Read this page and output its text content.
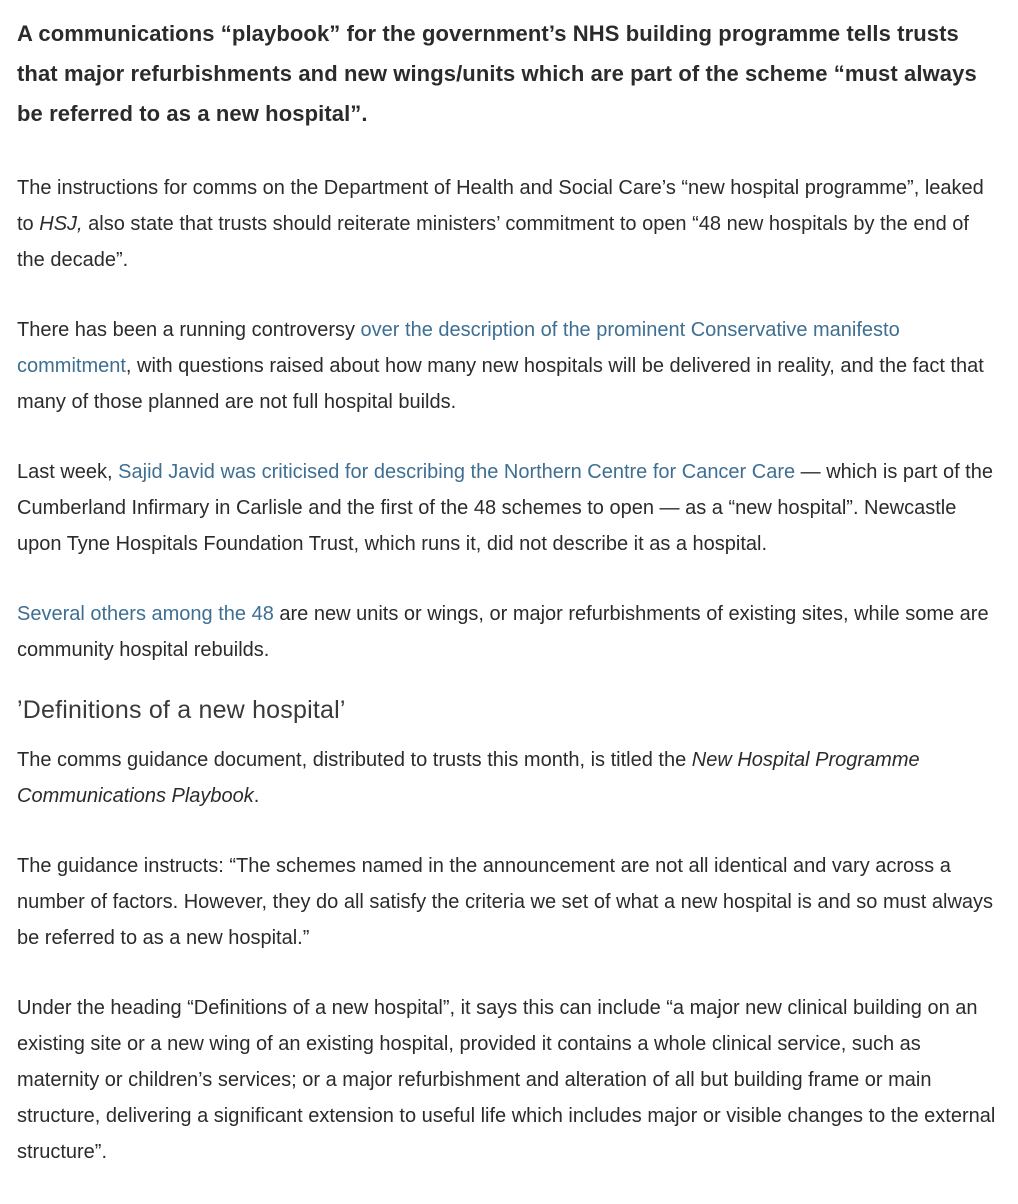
A communications “playbook” for the government’s NHS building programme tells trusts that major refurbishments and new wings/units which are part of the scheme “must always be referred to as a new hospital”.

The instructions for comms on the Department of Health and Social Care’s “new hospital programme”, leaked to HSJ, also state that trusts should reiterate ministers’ commitment to open “48 new hospitals by the end of the decade”.

There has been a running controversy over the description of the prominent Conservative manifesto commitment, with questions raised about how many new hospitals will be delivered in reality, and the fact that many of those planned are not full hospital builds.

Last week, Sajid Javid was criticised for describing the Northern Centre for Cancer Care — which is part of the Cumberland Infirmary in Carlisle and the first of the 48 schemes to open — as a “new hospital”. Newcastle upon Tyne Hospitals Foundation Trust, which runs it, did not describe it as a hospital.

Several others among the 48 are new units or wings, or major refurbishments of existing sites, while some are community hospital rebuilds.

’Definitions of a new hospital’

The comms guidance document, distributed to trusts this month, is titled the New Hospital Programme Communications Playbook.

The guidance instructs: “The schemes named in the announcement are not all identical and vary across a number of factors. However, they do all satisfy the criteria we set of what a new hospital is and so must always be referred to as a new hospital.”

Under the heading “Definitions of a new hospital”, it says this can include “a major new clinical building on an existing site or a new wing of an existing hospital, provided it contains a whole clinical service, such as maternity or children’s services; or a major refurbishment and alteration of all but building frame or main structure, delivering a significant extension to useful life which includes major or visible changes to the external structure”.
